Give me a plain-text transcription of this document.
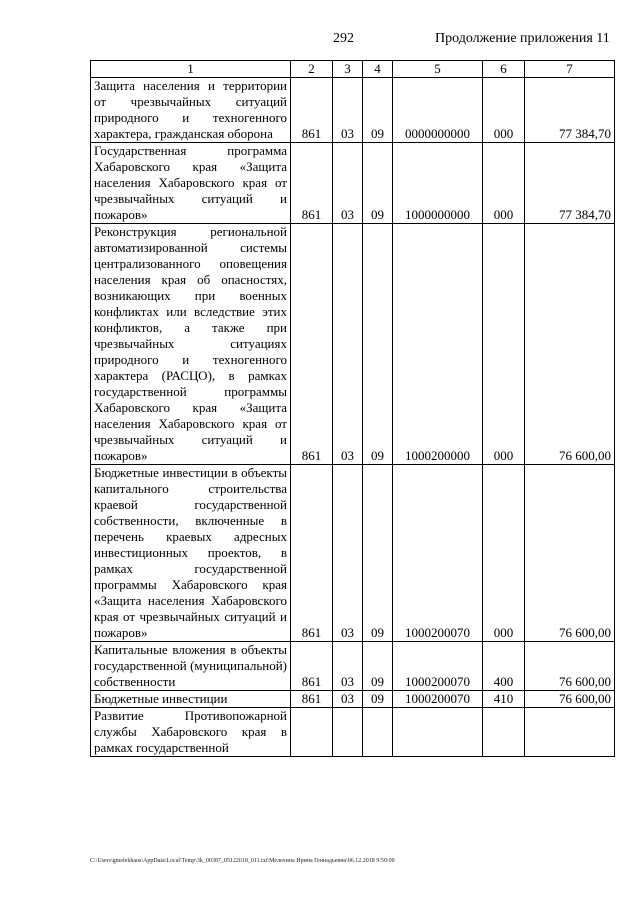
292	Продолжение приложения 11
1	2	3	4	5	6	7
Защита населения и территории от чрезвычайных ситуаций природного и техногенного характера, гражданская оборона	861	03	09	0000000000	000	77 384,70
Государственная программа Хабаровского края «Защита населения Хабаровского края от чрезвычайных ситуаций и пожаров»	861	03	09	1000000000	000	77 384,70
Реконструкция региональной автоматизированной системы централизованного оповещения населения края об опасностях, возникающих при военных конфликтах или вследствие этих конфликтов, а также при чрезвычайных ситуациях природного и техногенного характера (РАСЦО), в рамках государственной программы Хабаровского края «Защита населения Хабаровского края от чрезвычайных ситуаций и пожаров»	861	03	09	1000200000	000	76 600,00
Бюджетные инвестиции в объекты капитального строительства краевой государственной собственности, включенные в перечень краевых адресных инвестиционных проектов, в рамках государственной программы Хабаровского края «Защита населения Хабаровского края от чрезвычайных ситуаций и пожаров»	861	03	09	1000200070	000	76 600,00
Капитальные вложения в объекты государственной (муниципальной) собственности	861	03	09	1000200070	400	76 600,00
Бюджетные инвестиции	861	03	09	1000200070	410	76 600,00
Развитие Противопожарной службы Хабаровского края в рамках государственной						
C:\Users\gmelekhaus\AppData\Local\Temp\3k_00387_05122018_011.txt\Мелехина Ирина Геннадьевна\06.12.2018 9:50:09
